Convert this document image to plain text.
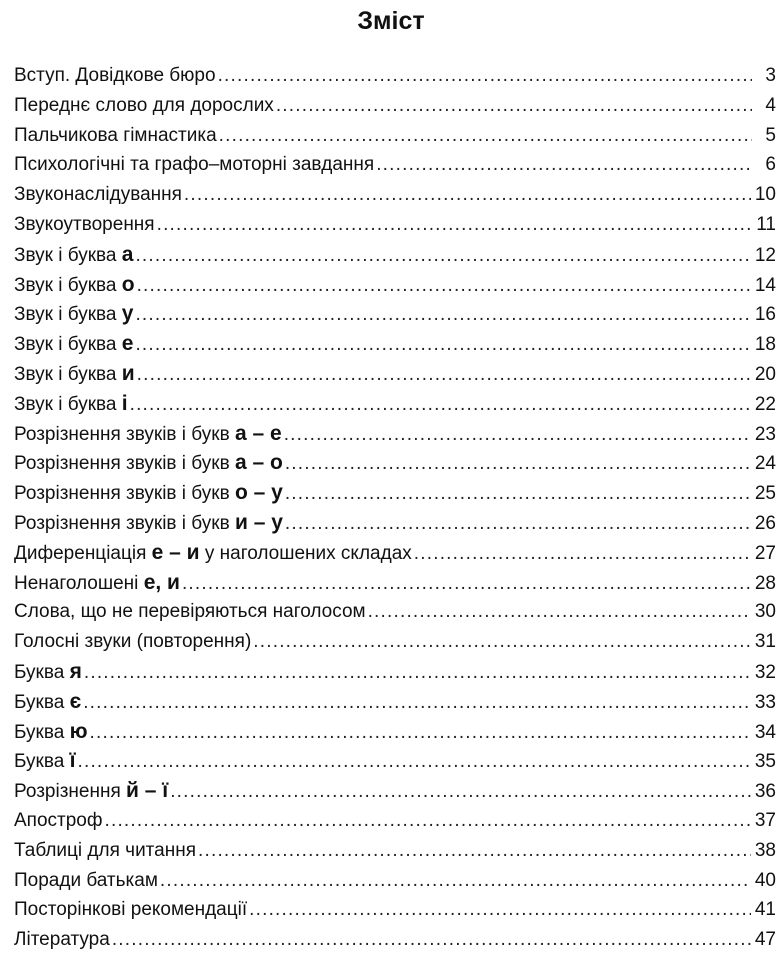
Зміст
Вступ. Довідкове бюро .....	3
Переднє слово для дорослих .....	4
Пальчикова гімнастика .....	5
Психологічні та графо–моторні завдання .....	6
Звуконаслідування .....	10
Звукоутворення .....	11
Звук і буква а .....	12
Звук і буква о .....	14
Звук і буква у .....	16
Звук і буква е .....	18
Звук і буква и .....	20
Звук і буква і .....	22
Розрізнення звуків і букв а – е .....	23
Розрізнення звуків і букв а – о .....	24
Розрізнення звуків і букв о – у .....	25
Розрізнення звуків і букв и – у .....	26
Диференціація е – и у наголошених складах .....	27
Ненаголошені е, и .....	28
Слова, що не перевіряються наголосом .....	30
Голосні звуки (повторення) .....	31
Буква я .....	32
Буква є .....	33
Буква ю .....	34
Буква ї .....	35
Розрізнення й – ї .....	36
Апостроф .....	37
Таблиці для читання .....	38
Поради батькам .....	40
Посторінкові рекомендації .....	41
Література .....	47
